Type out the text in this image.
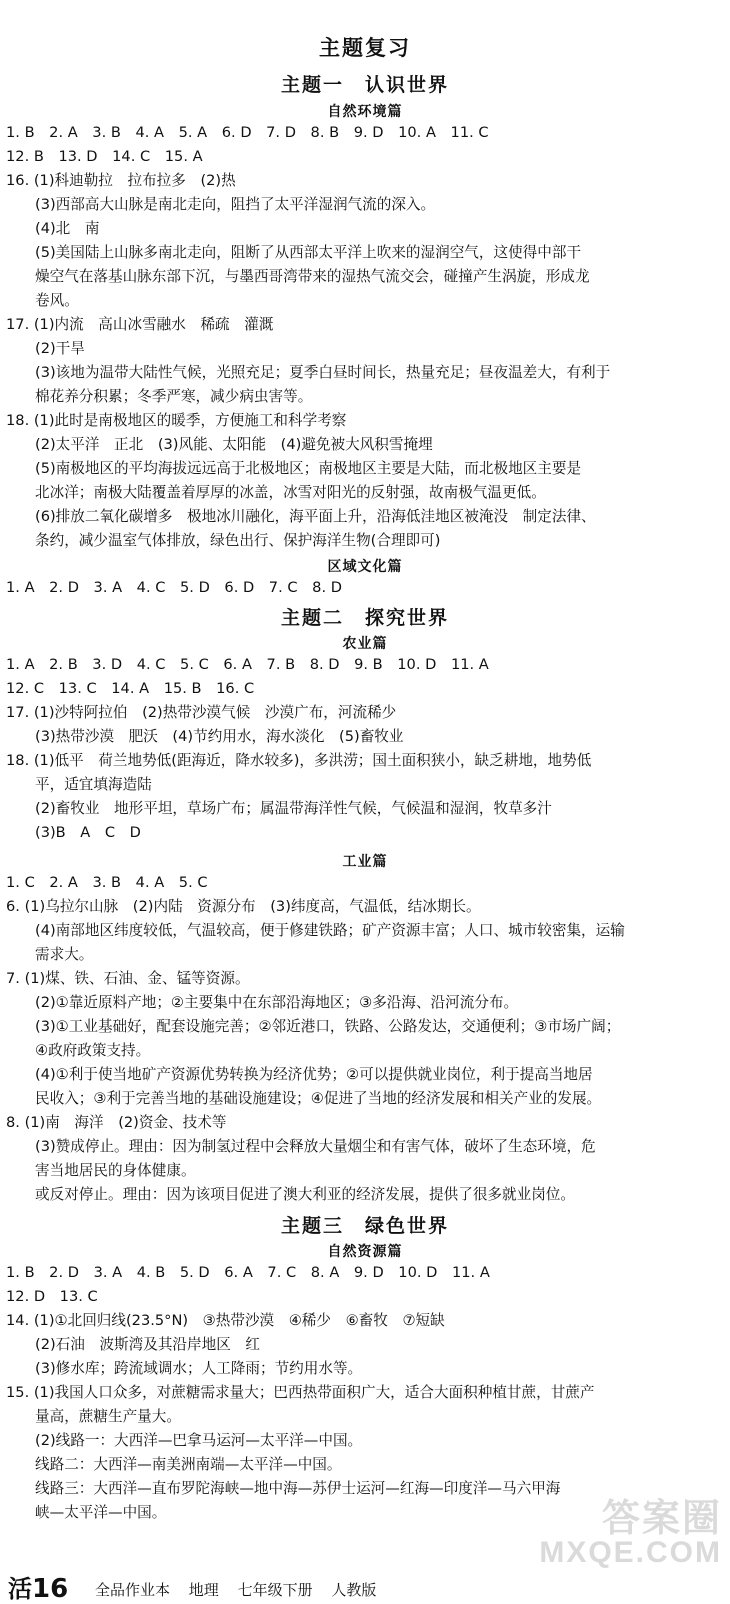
主题复习
主题一　认识世界
自然环境篇
1. B　2. A　3. B　4. A　5. A　6. D　7. D　8. B　9. D　10. A　11. C
12. B　13. D　14. C　15. A
16. (1)科迪勒拉　拉布拉多　(2)热
(3)西部高大山脉是南北走向，阻挡了太平洋湿润气流的深入。
(4)北　南
(5)美国陆上山脉多南北走向，阻断了从西部太平洋上吹来的湿润空气，这使得中部干
燥空气在落基山脉东部下沉，与墨西哥湾带来的湿热气流交会，碰撞产生涡旋，形成龙
卷风。
17. (1)内流　高山冰雪融水　稀疏　灌溉
(2)干旱
(3)该地为温带大陆性气候，光照充足；夏季白昼时间长，热量充足；昼夜温差大，有利于
棉花养分积累；冬季严寒，减少病虫害等。
18. (1)此时是南极地区的暖季，方便施工和科学考察
(2)太平洋　正北　(3)风能、太阳能　(4)避免被大风积雪掩埋
(5)南极地区的平均海拔远远高于北极地区；南极地区主要是大陆，而北极地区主要是
北冰洋；南极大陆覆盖着厚厚的冰盖，冰雪对阳光的反射强，故南极气温更低。
(6)排放二氧化碳增多　极地冰川融化，海平面上升，沿海低洼地区被淹没　制定法律、
条约，减少温室气体排放，绿色出行、保护海洋生物(合理即可)
区域文化篇
1. A　2. D　3. A　4. C　5. D　6. D　7. C　8. D
主题二　探究世界
农业篇
1. A　2. B　3. D　4. C　5. C　6. A　7. B　8. D　9. B　10. D　11. A
12. C　13. C　14. A　15. B　16. C
17. (1)沙特阿拉伯　(2)热带沙漠气候　沙漠广布，河流稀少
(3)热带沙漠　肥沃　(4)节约用水，海水淡化　(5)畜牧业
18. (1)低平　荷兰地势低(距海近，降水较多)，多洪涝；国土面积狭小，缺乏耕地，地势低
平，适宜填海造陆
(2)畜牧业　地形平坦，草场广布；属温带海洋性气候，气候温和湿润，牧草多汁
(3)B　A　C　D
工业篇
1. C　2. A　3. B　4. A　5. C
6. (1)乌拉尔山脉　(2)内陆　资源分布　(3)纬度高，气温低，结冰期长。
(4)南部地区纬度较低，气温较高，便于修建铁路；矿产资源丰富；人口、城市较密集，运输
需求大。
7. (1)煤、铁、石油、金、锰等资源。
(2)①靠近原料产地；②主要集中在东部沿海地区；③多沿海、沿河流分布。
(3)①工业基础好，配套设施完善；②邻近港口，铁路、公路发达，交通便利；③市场广阔；
④政府政策支持。
(4)①利于使当地矿产资源优势转换为经济优势；②可以提供就业岗位，利于提高当地居
民收入；③利于完善当地的基础设施建设；④促进了当地的经济发展和相关产业的发展。
8. (1)南　海洋　(2)资金、技术等
(3)赞成停止。理由：因为制氢过程中会释放大量烟尘和有害气体，破坏了生态环境，危
害当地居民的身体健康。
或反对停止。理由：因为该项目促进了澳大利亚的经济发展，提供了很多就业岗位。
主题三　绿色世界
自然资源篇
1. B　2. D　3. A　4. B　5. D　6. A　7. C　8. A　9. D　10. D　11. A
12. D　13. C
14. (1)①北回归线(23.5°N)　③热带沙漠　④稀少　⑥畜牧　⑦短缺
(2)石油　波斯湾及其沿岸地区　红
(3)修水库；跨流域调水；人工降雨；节约用水等。
15. (1)我国人口众多，对蔗糖需求量大；巴西热带面积广大，适合大面积种植甘蔗，甘蔗产
量高，蔗糖生产量大。
(2)线路一：大西洋—巴拿马运河—太平洋—中国。
线路二：大西洋—南美洲南端—太平洋—中国。
线路三：大西洋—直布罗陀海峡—地中海—苏伊士运河—红海—印度洋—马六甲海
峡—太平洋—中国。	答案圈
MXQE.COM
活16 全品作业本 地理 七年级下册 人教版
